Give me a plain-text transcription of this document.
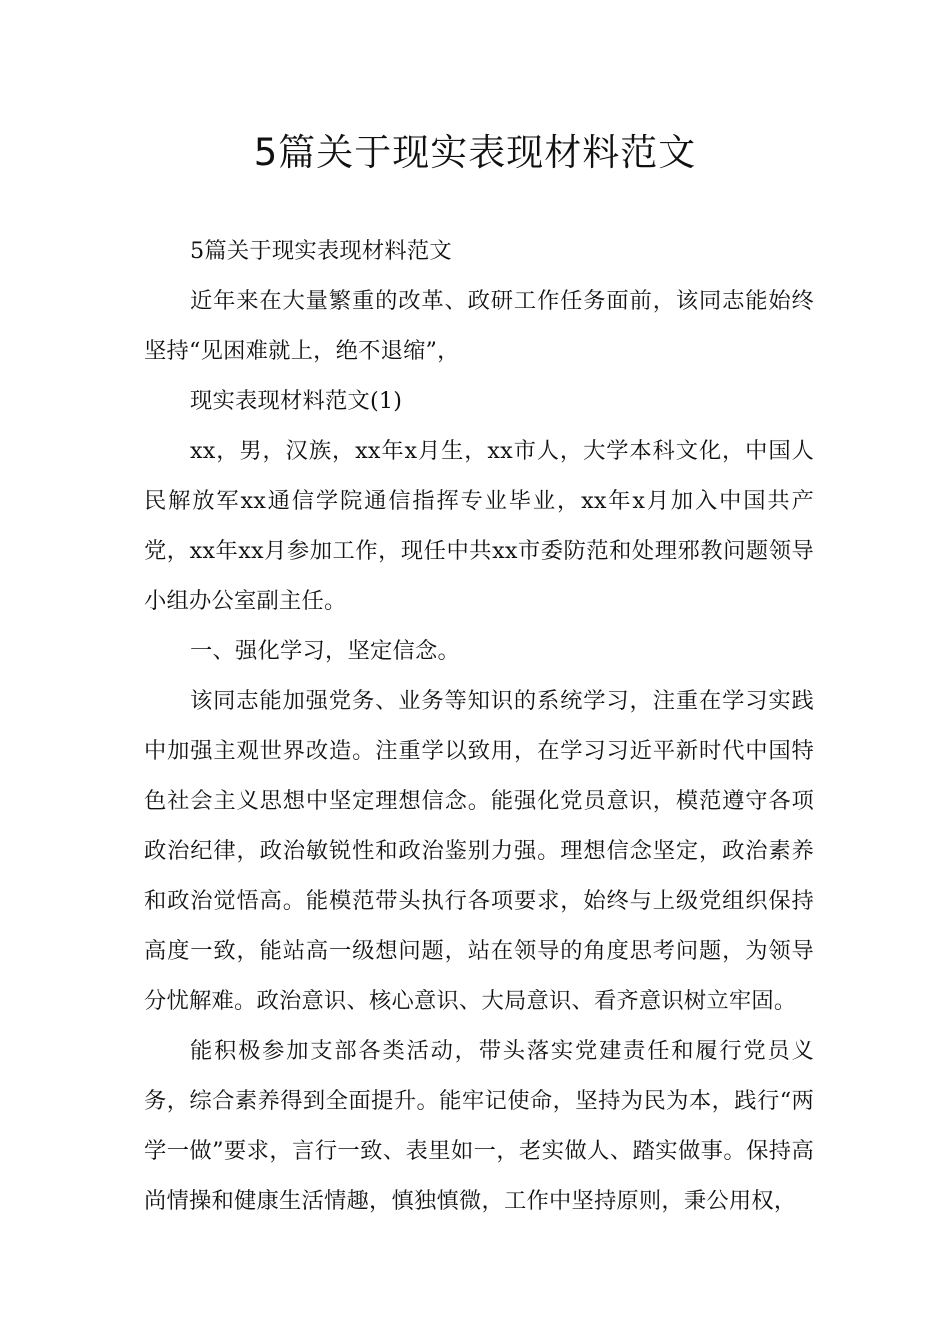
5篇关于现实表现材料范文

5篇关于现实表现材料范文

近年来在大量繁重的改革、政研工作任务面前，该同志能始终坚持“见困难就上，绝不退缩”，

现实表现材料范文(1)

xx，男，汉族，xx年x月生，xx市人，大学本科文化，中国人民解放军xx通信学院通信指挥专业毕业，xx年x月加入中国共产党，xx年xx月参加工作，现任中共xx市委防范和处理邪教问题领导小组办公室副主任。

一、强化学习，坚定信念。

该同志能加强党务、业务等知识的系统学习，注重在学习实践中加强主观世界改造。注重学以致用，在学习习近平新时代中国特色社会主义思想中坚定理想信念。能强化党员意识，模范遵守各项政治纪律，政治敏锐性和政治鉴别力强。理想信念坚定，政治素养和政治觉悟高。能模范带头执行各项要求，始终与上级党组织保持高度一致，能站高一级想问题，站在领导的角度思考问题，为领导分忧解难。政治意识、核心意识、大局意识、看齐意识树立牢固。

能积极参加支部各类活动，带头落实党建责任和履行党员义务，综合素养得到全面提升。能牢记使命，坚持为民为本，践行“两学一做”要求，言行一致、表里如一，老实做人、踏实做事。保持高尚情操和健康生活情趣，慎独慎微，工作中坚持原则，秉公用权，
